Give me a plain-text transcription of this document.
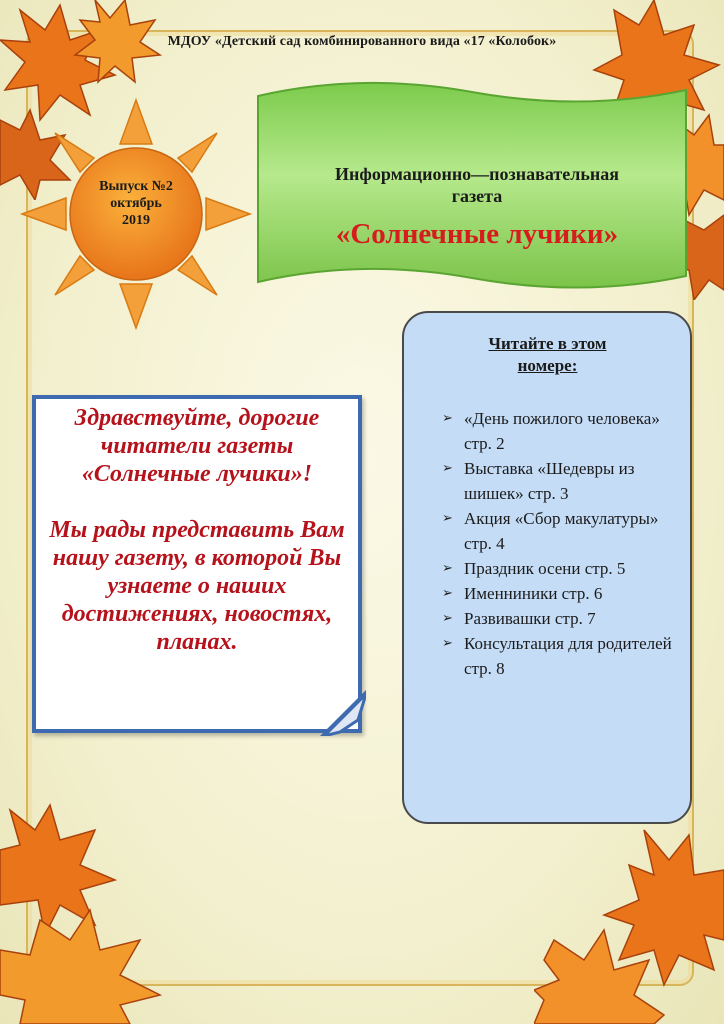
МДОУ «Детский сад комбинированного вида «17 «Колобок»
Выпуск №2
октябрь
2019
Информационно—познавательная
газета
«Солнечные лучики»

Здравствуйте, дорогие читатели газеты «Солнечные лучики»!

Мы рады представить Вам нашу газету, в которой Вы узнаете о наших достижениях, новостях, планах.

Читайте в этом
номере:
➢ «День пожилого человека» стр. 2
➢ Выставка «Шедевры из шишек» стр. 3
➢ Акция «Сбор макулатуры» стр. 4
➢ Праздник осени стр. 5
➢ Именниники стр. 6
➢ Развивашки стр. 7
➢ Консультация для родителей стр. 8
